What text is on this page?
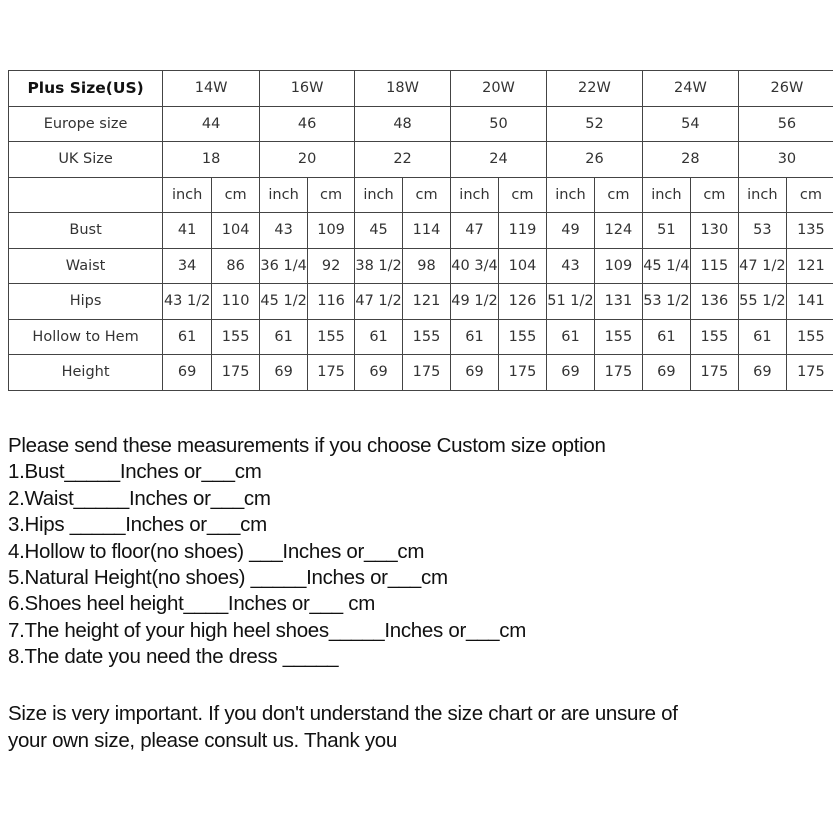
Plus Size(US)	14W		16W		18W		20W		22W		24W		26W	
Europe size	44		46		48		50		52		54		56	
UK Size	18		20		22		24		26		28		30	
	inch	cm	inch	cm	inch	cm	inch	cm	inch	cm	inch	cm	inch	cm
Bust	41	104	43	109	45	114	47	119	49	124	51	130	53	135
Waist	34	86	36 1/4	92	38 1/2	98	40 3/4	104	43	109	45 1/4	115	47 1/2	121
Hips	43 1/2	110	45 1/2	116	47 1/2	121	49 1/2	126	51 1/2	131	53 1/2	136	55 1/2	141
Hollow to Hem	61	155	61	155	61	155	61	155	61	155	61	155	61	155
Height	69	175	69	175	69	175	69	175	69	175	69	175	69	175
Please send these measurements if you choose Custom size option
1.Bust_____Inches or___cm
2.Waist_____Inches or___cm
3.Hips _____Inches or___cm
4.Hollow to floor(no shoes) ___Inches or___cm
5.Natural Height(no shoes) _____Inches or___cm
6.Shoes heel height____Inches or___ cm
7.The height of your high heel shoes_____Inches or___cm
8.The date you need the dress _____
Size is very important. If you don't understand the size chart or are unsure of
your own size, please consult us. Thank you
